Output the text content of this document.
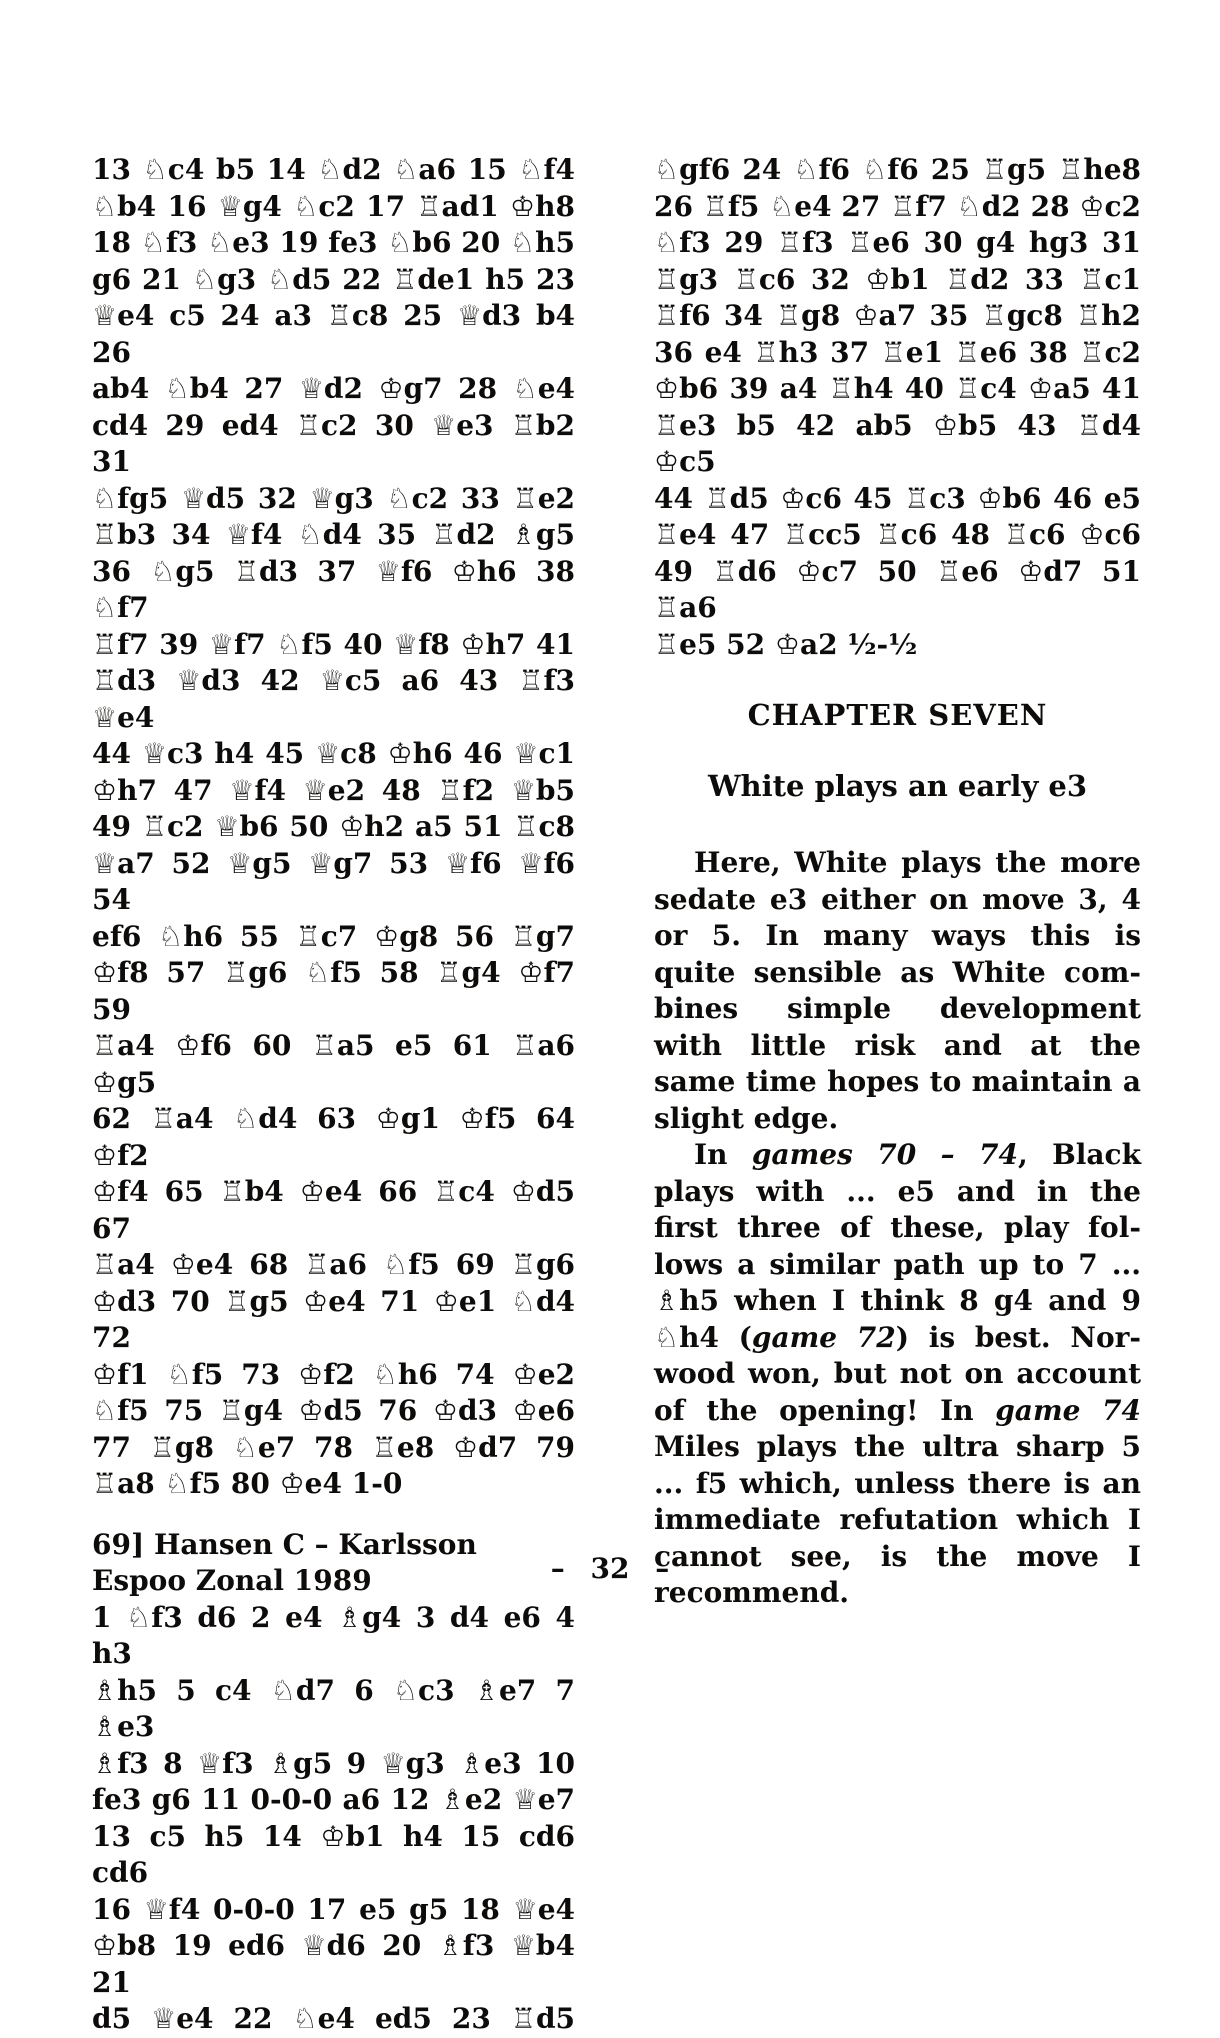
13 ♘c4 b5 14 ♘d2 ♘a6 15 ♘f4
♘b4 16 ♕g4 ♘c2 17 ♖ad1 ♔h8
18 ♘f3 ♘e3 19 fe3 ♘b6 20 ♘h5
g6 21 ♘g3 ♘d5 22 ♖de1 h5 23
♕e4 c5 24 a3 ♖c8 25 ♕d3 b4 26
ab4 ♘b4 27 ♕d2 ♔g7 28 ♘e4
cd4 29 ed4 ♖c2 30 ♕e3 ♖b2 31
♘fg5 ♕d5 32 ♕g3 ♘c2 33 ♖e2
♖b3 34 ♕f4 ♘d4 35 ♖d2 ♗g5
36 ♘g5 ♖d3 37 ♕f6 ♔h6 38 ♘f7
♖f7 39 ♕f7 ♘f5 40 ♕f8 ♔h7 41
♖d3 ♕d3 42 ♕c5 a6 43 ♖f3 ♕e4
44 ♕c3 h4 45 ♕c8 ♔h6 46 ♕c1
♔h7 47 ♕f4 ♕e2 48 ♖f2 ♕b5
49 ♖c2 ♕b6 50 ♔h2 a5 51 ♖c8
♕a7 52 ♕g5 ♕g7 53 ♕f6 ♕f6 54
ef6 ♘h6 55 ♖c7 ♔g8 56 ♖g7
♔f8 57 ♖g6 ♘f5 58 ♖g4 ♔f7 59
♖a4 ♔f6 60 ♖a5 e5 61 ♖a6 ♔g5
62 ♖a4 ♘d4 63 ♔g1 ♔f5 64 ♔f2
♔f4 65 ♖b4 ♔e4 66 ♖c4 ♔d5 67
♖a4 ♔e4 68 ♖a6 ♘f5 69 ♖g6
♔d3 70 ♖g5 ♔e4 71 ♔e1 ♘d4 72
♔f1 ♘f5 73 ♔f2 ♘h6 74 ♔e2
♘f5 75 ♖g4 ♔d5 76 ♔d3 ♔e6
77 ♖g8 ♘e7 78 ♖e8 ♔d7 79
♖a8 ♘f5 80 ♔e4 1-0
69] Hansen C – Karlsson
Espoo Zonal 1989
1 ♘f3 d6 2 e4 ♗g4 3 d4 e6 4 h3
♗h5 5 c4 ♘d7 6 ♘c3 ♗e7 7 ♗e3
♗f3 8 ♕f3 ♗g5 9 ♕g3 ♗e3 10
fe3 g6 11 0-0-0 a6 12 ♗e2 ♕e7
13 c5 h5 14 ♔b1 h4 15 cd6 cd6
16 ♕f4 0-0-0 17 e5 g5 18 ♕e4
♔b8 19 ed6 ♕d6 20 ♗f3 ♕b4 21
d5 ♕e4 22 ♘e4 ed5 23 ♖d5
♘gf6 24 ♘f6 ♘f6 25 ♖g5 ♖he8
26 ♖f5 ♘e4 27 ♖f7 ♘d2 28 ♔c2
♘f3 29 ♖f3 ♖e6 30 g4 hg3 31
♖g3 ♖c6 32 ♔b1 ♖d2 33 ♖c1
♖f6 34 ♖g8 ♔a7 35 ♖gc8 ♖h2
36 e4 ♖h3 37 ♖e1 ♖e6 38 ♖c2
♔b6 39 a4 ♖h4 40 ♖c4 ♔a5 41
♖e3 b5 42 ab5 ♔b5 43 ♖d4 ♔c5
44 ♖d5 ♔c6 45 ♖c3 ♔b6 46 e5
♖e4 47 ♖cc5 ♖c6 48 ♖c6 ♔c6
49 ♖d6 ♔c7 50 ♖e6 ♔d7 51 ♖a6
♖e5 52 ♔a2 ½-½
CHAPTER SEVEN
White plays an early e3
Here, White plays the more
sedate e3 either on move 3, 4
or 5. In many ways this is
quite sensible as White com-
bines simple development
with little risk and at the
same time hopes to maintain a
slight edge.
In games 70 – 74, Black
plays with ... e5 and in the
first three of these, play fol-
lows a similar path up to 7 ...
♗h5 when I think 8 g4 and 9
♘h4 (game 72) is best. Nor-
wood won, but not on account
of the opening! In game 74
Miles plays the ultra sharp 5
... f5 which, unless there is an
immediate refutation which I
cannot see, is the move I
recommend.
– 32 –
